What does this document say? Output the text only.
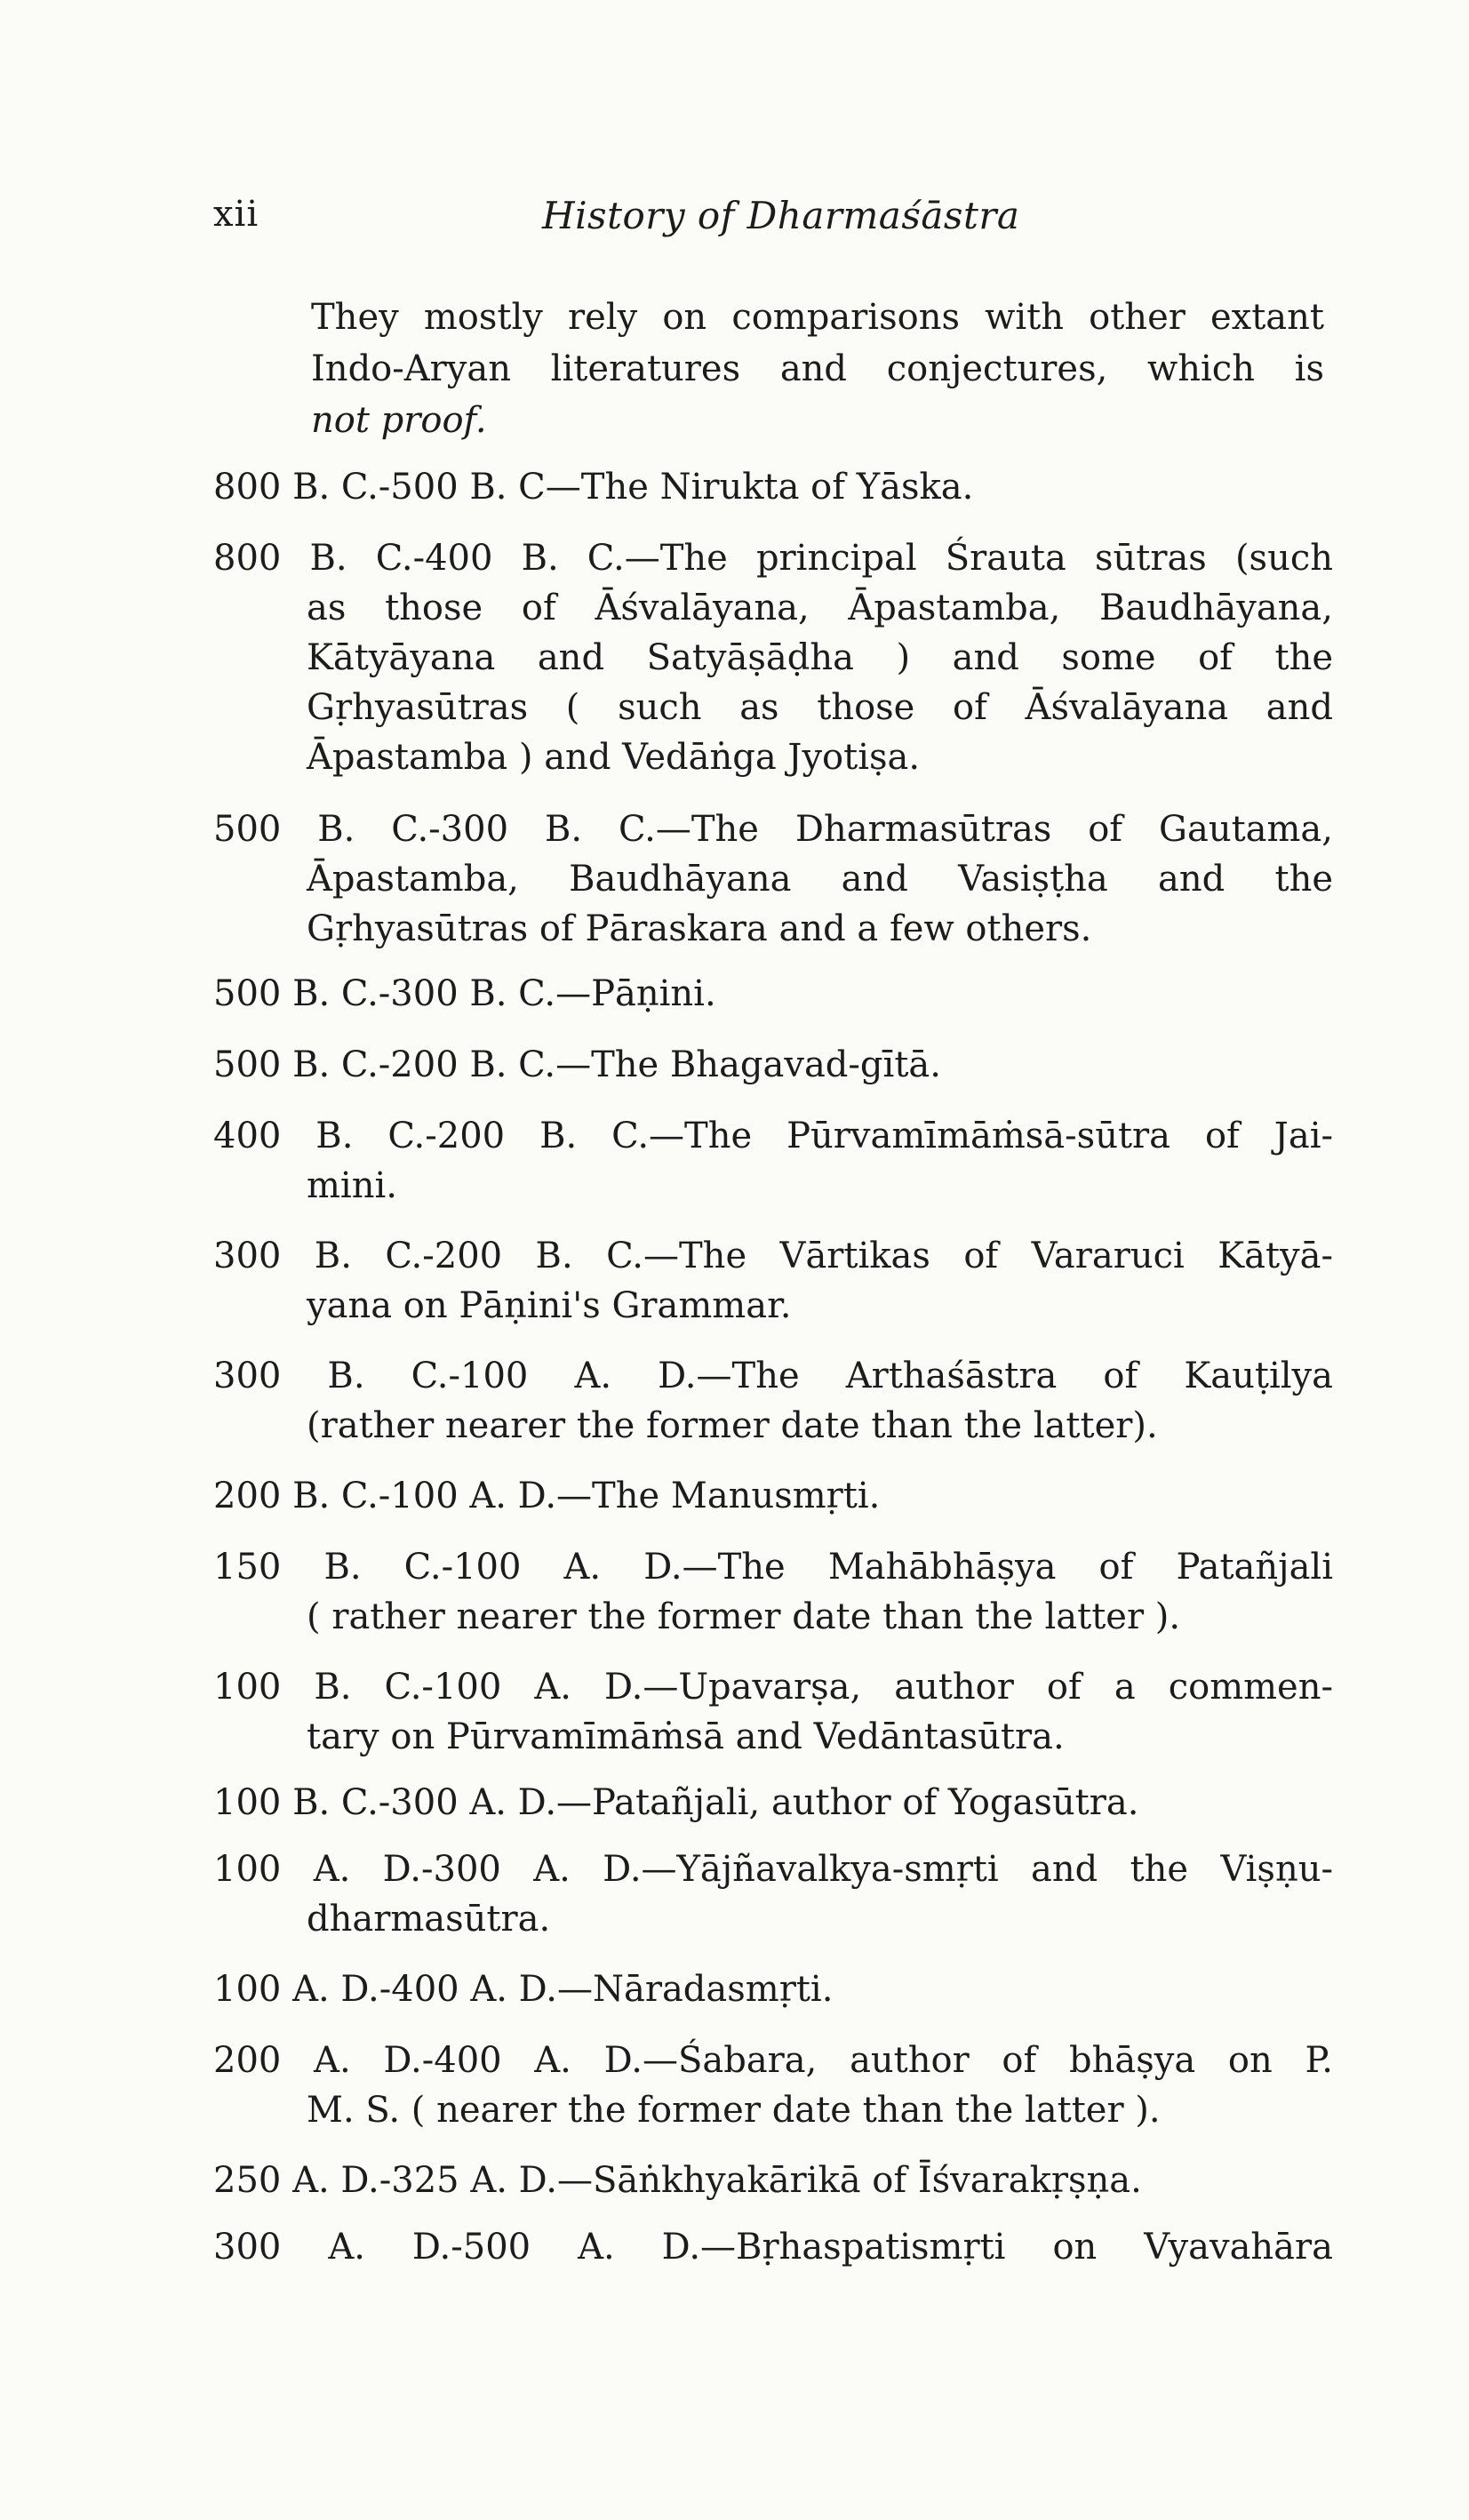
xii	History of Dharmaśāstra
They mostly rely on comparisons with other extant
Indo-Aryan literatures and conjectures, which is
not proof.
800 B. C.-500 B. C—The Nirukta of Yāska.
800 B. C.-400 B. C.—The principal Śrauta sūtras (such
as those of Āśvalāyana, Āpastamba, Baudhāyana,
Kātyāyana and Satyāṣāḍha ) and some of the
Gṛhyasūtras ( such as those of Āśvalāyana and
Āpastamba ) and Vedāṅga Jyotiṣa.
500 B. C.-300 B. C.—The Dharmasūtras of Gautama,
Āpastamba, Baudhāyana and Vasiṣṭha and the
Gṛhyasūtras of Pāraskara and a few others.
500 B. C.-300 B. C.—Pāṇini.
500 B. C.-200 B. C.—The Bhagavad-gītā.
400 B. C.-200 B. C.—The Pūrvamīmāṁsā-sūtra of Jai-
mini.
300 B. C.-200 B. C.—The Vārtikas of Vararuci Kātyā-
yana on Pāṇini's Grammar.
300 B. C.-100 A. D.—The Arthaśāstra of Kauṭilya
(rather nearer the former date than the latter).
200 B. C.-100 A. D.—The Manusmṛti.
150 B. C.-100 A. D.—The Mahābhāṣya of Patañjali
( rather nearer the former date than the latter ).
100 B. C.-100 A. D.—Upavarṣa, author of a commen-
tary on Pūrvamīmāṁsā and Vedāntasūtra.
100 B. C.-300 A. D.—Patañjali, author of Yogasūtra.
100 A. D.-300 A. D.—Yājñavalkya-smṛti and the Viṣṇu-
dharmasūtra.
100 A. D.-400 A. D.—Nāradasmṛti.
200 A. D.-400 A. D.—Śabara, author of bhāṣya on P.
M. S. ( nearer the former date than the latter ).
250 A. D.-325 A. D.—Sāṅkhyakārikā of Īśvarakṛṣṇa.
300 A. D.-500 A. D.—Bṛhaspatismṛti on Vyavahāra
